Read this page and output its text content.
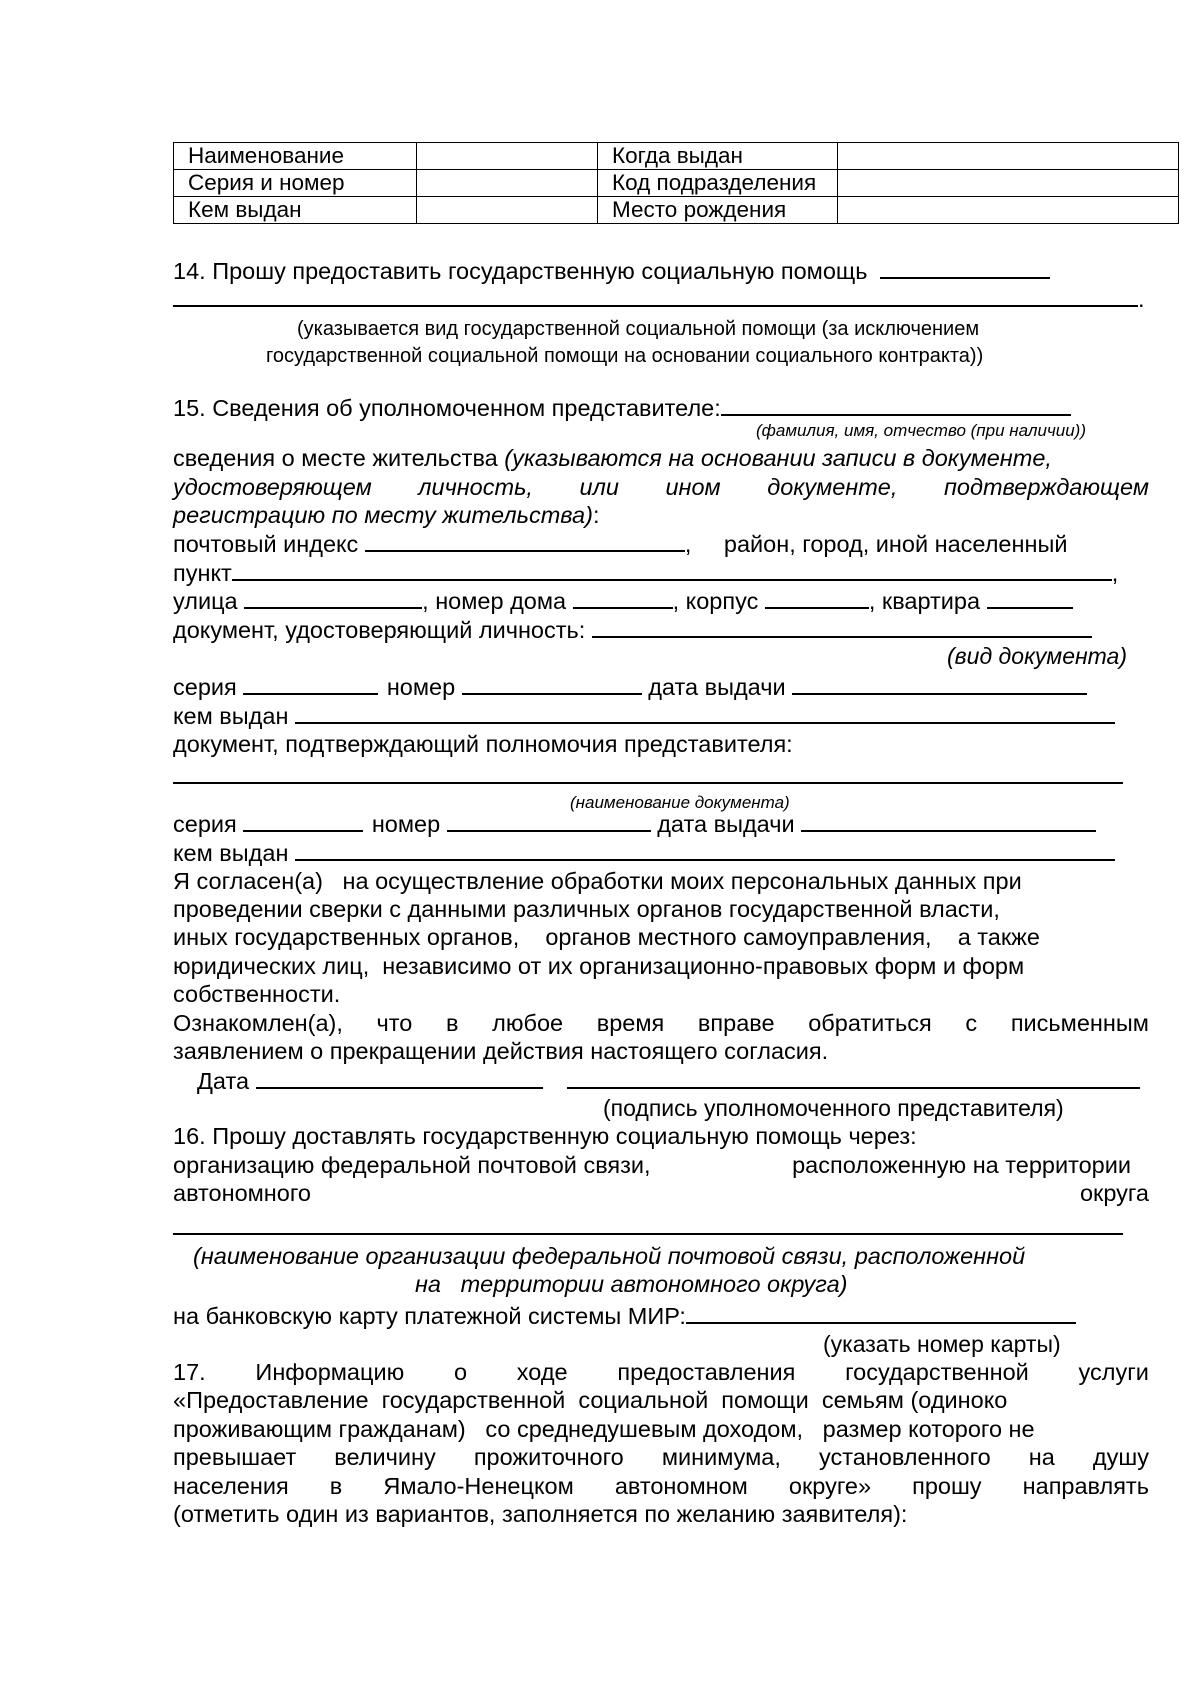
Наименование		Когда выдан	
Серия и номер		Код подразделения	
Кем выдан		Место рождения	
14. Прошу предоставить государственную социальную помощь
.
(указывается вид государственной социальной помощи (за исключением
государственной социальной помощи на основании социального контракта))
15. Сведения об уполномоченном представителе:
(фамилия, имя, отчество (при наличии))
сведения о месте жительства (указываются на основании записи в документе,
удостоверяющем личность, или ином документе, подтверждающем
регистрацию по месту жительства):
почтовый индекс	, район, город, иной населенный
пункт	,
улица	, номер дома	, корпус	, квартира
документ, удостоверяющий личность:
(вид документа)
серия	номер	дата выдачи
кем выдан
документ, подтверждающий полномочия представителя:
(наименование документа)
серия	номер	дата выдачи
кем выдан
Я согласен(а)   на осуществление обработки моих персональных данных при
проведении сверки с данными различных органов государственной власти,
иных государственных органов,    органов местного самоуправления,    а также
юридических лиц,  независимо от их организационно-правовых форм и форм
собственности.
Ознакомлен(а), что в любое время вправе обратиться с письменным
заявлением о прекращении действия настоящего согласия.
Дата
(подпись уполномоченного представителя)
16. Прошу доставлять государственную социальную помощь через:
организацию федеральной почтовой связи,	расположенную на территории
автономного	округа
(наименование организации федеральной почтовой связи, расположенной
на   территории автономного округа)
на банковскую карту платежной системы МИР:
(указать номер карты)
17. Информацию о ходе предоставления государственной услуги
«Предоставление  государственной  социальной  помощи  семьям (одиноко
проживающим гражданам)   со среднедушевым доходом,   размер которого не
превышает величину прожиточного минимума, установленного на душу
населения в Ямало-Ненецком автономном округе» прошу направлять
(отметить один из вариантов, заполняется по желанию заявителя):
